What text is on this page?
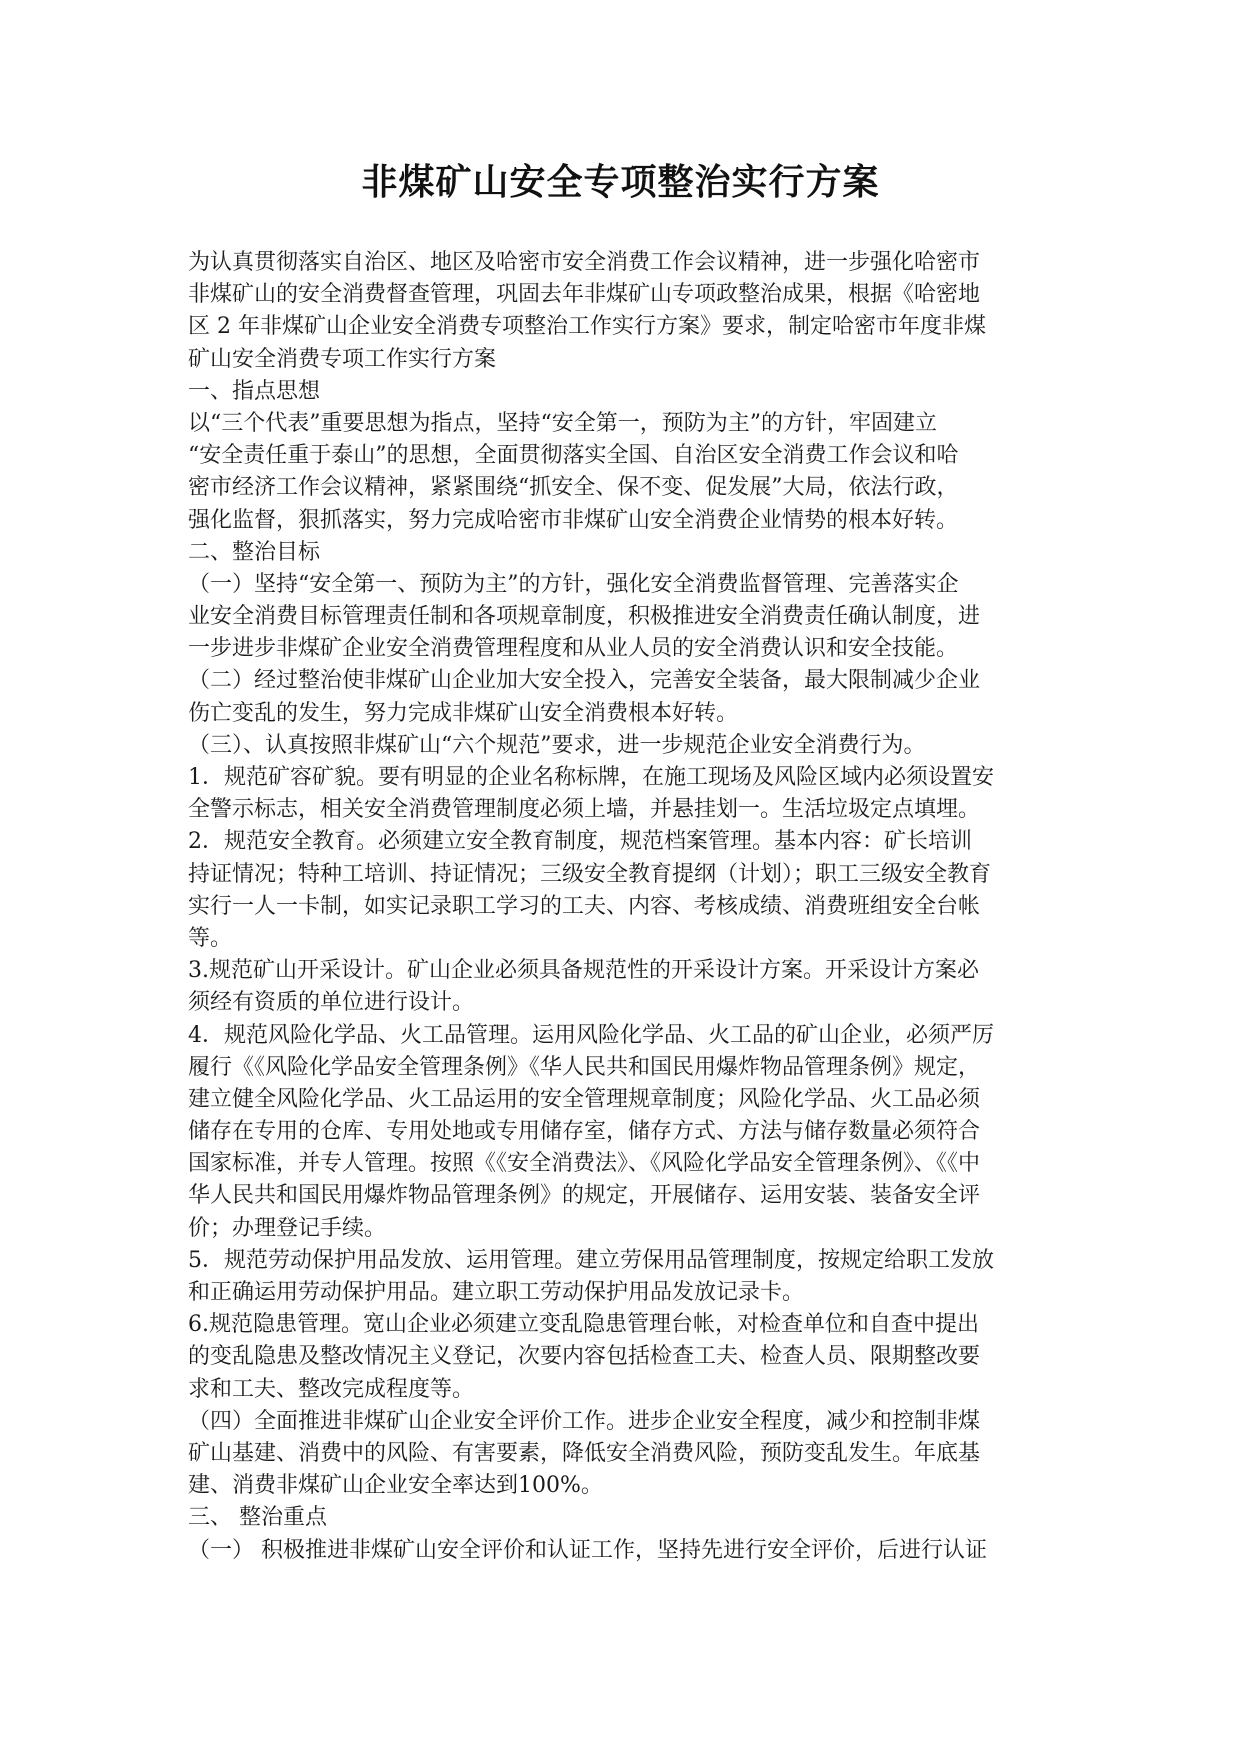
非煤矿山安全专项整治实行方案
为认真贯彻落实自治区、地区及哈密市安全消费工作会议精神，进一步强化哈密市
非煤矿山的安全消费督查管理，巩固去年非煤矿山专项政整治成果，根据《哈密地
区 2 年非煤矿山企业安全消费专项整治工作实行方案》要求，制定哈密市年度非煤
矿山安全消费专项工作实行方案
一、指点思想
以“三个代表”重要思想为指点，坚持“安全第一，预防为主”的方针，牢固建立
“安全责任重于泰山”的思想，全面贯彻落实全国、自治区安全消费工作会议和哈
密市经济工作会议精神，紧紧围绕“抓安全、保不变、促发展”大局，依法行政，
强化监督，狠抓落实，努力完成哈密市非煤矿山安全消费企业情势的根本好转。
二、整治目标
（一）坚持“安全第一、预防为主”的方针，强化安全消费监督管理、完善落实企
业安全消费目标管理责任制和各项规章制度，积极推进安全消费责任确认制度，进
一步进步非煤矿企业安全消费管理程度和从业人员的安全消费认识和安全技能。
（二）经过整治使非煤矿山企业加大安全投入，完善安全装备，最大限制减少企业
伤亡变乱的发生，努力完成非煤矿山安全消费根本好转。
（三）、认真按照非煤矿山“六个规范”要求，进一步规范企业安全消费行为。
1．规范矿容矿貌。要有明显的企业名称标牌，在施工现场及风险区域内必须设置安
全警示标志，相关安全消费管理制度必须上墙，并悬挂划一。生活垃圾定点填埋。
2．规范安全教育。必须建立安全教育制度，规范档案管理。基本内容：矿长培训
持证情况；特种工培训、持证情况；三级安全教育提纲（计划）；职工三级安全教育
实行一人一卡制，如实记录职工学习的工夫、内容、考核成绩、消费班组安全台帐
等。
3.规范矿山开采设计。矿山企业必须具备规范性的开采设计方案。开采设计方案必
须经有资质的单位进行设计。
4．规范风险化学品、火工品管理。运用风险化学品、火工品的矿山企业，必须严厉
履行《《风险化学品安全管理条例》《华人民共和国民用爆炸物品管理条例》规定，
建立健全风险化学品、火工品运用的安全管理规章制度；风险化学品、火工品必须
储存在专用的仓库、专用处地或专用储存室，储存方式、方法与储存数量必须符合
国家标准，并专人管理。按照《《安全消费法》、《风险化学品安全管理条例》、《《中
华人民共和国民用爆炸物品管理条例》的规定，开展储存、运用安装、装备安全评
价；办理登记手续。
5．规范劳动保护用品发放、运用管理。建立劳保用品管理制度，按规定给职工发放
和正确运用劳动保护用品。建立职工劳动保护用品发放记录卡。
6.规范隐患管理。宽山企业必须建立变乱隐患管理台帐，对检查单位和自查中提出
的变乱隐患及整改情况主义登记，次要内容包括检查工夫、检查人员、限期整改要
求和工夫、整改完成程度等。
（四）全面推进非煤矿山企业安全评价工作。进步企业安全程度，减少和控制非煤
矿山基建、消费中的风险、有害要素，降低安全消费风险，预防变乱发生。年底基
建、消费非煤矿山企业安全率达到100%。
三、 整治重点
（一） 积极推进非煤矿山安全评价和认证工作，坚持先进行安全评价，后进行认证
